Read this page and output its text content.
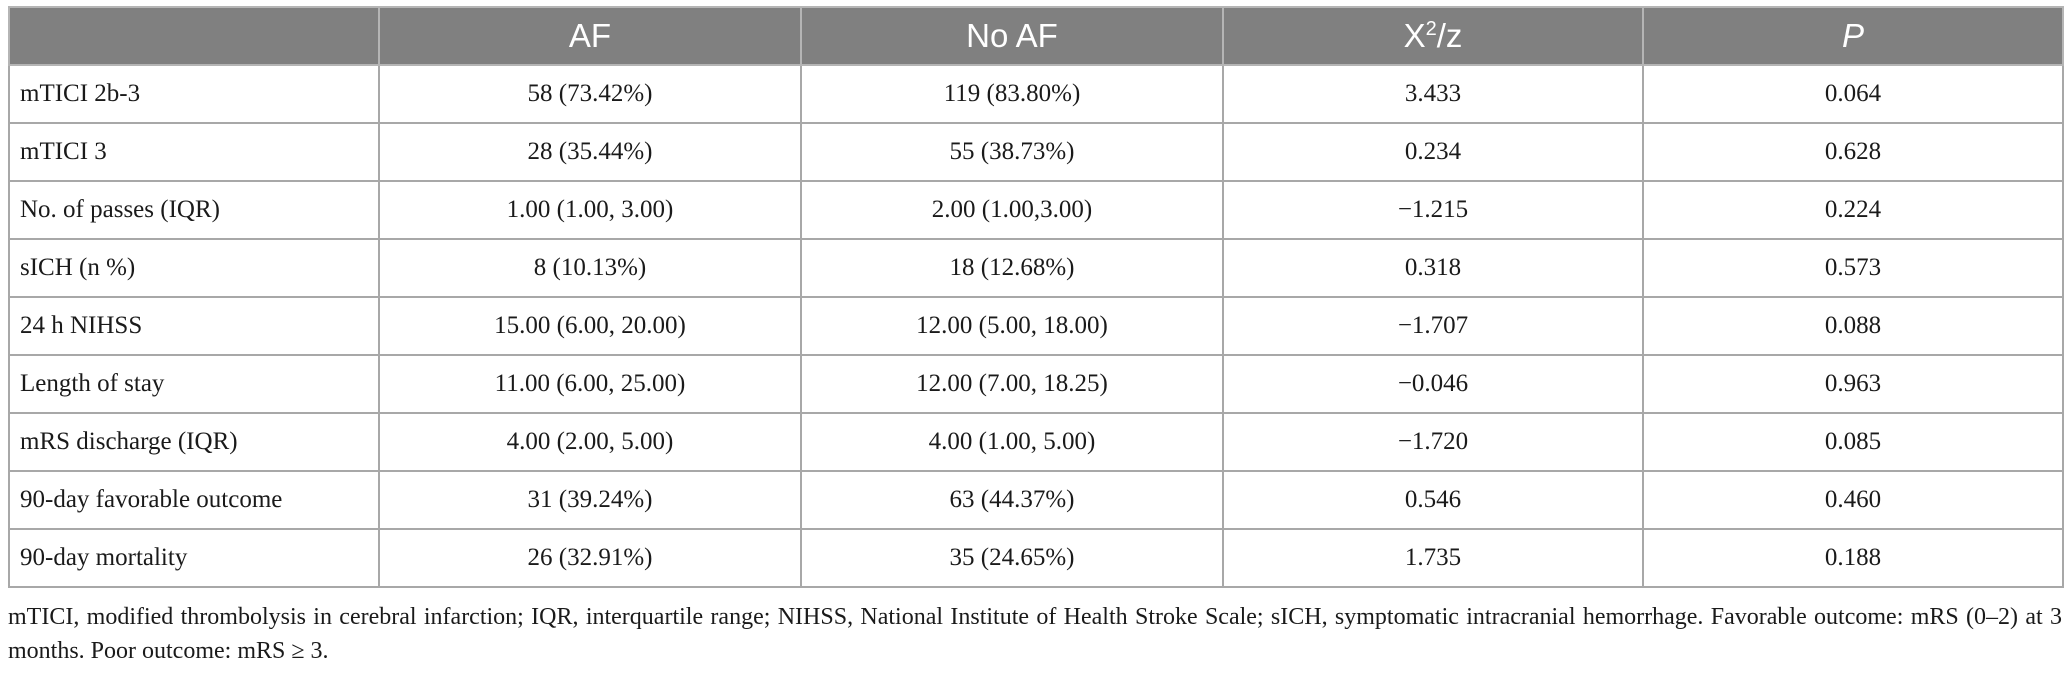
	AF	No AF	$X^2/z$	P
mTICI 2b-3	58 (73.42%)	119 (83.80%)	3.433	0.064
mTICI 3	28 (35.44%)	55 (38.73%)	0.234	0.628
No. of passes (IQR)	1.00 (1.00, 3.00)	2.00 (1.00,3.00)	−1.215	0.224
sICH (n %)	8 (10.13%)	18 (12.68%)	0.318	0.573
24 h NIHSS	15.00 (6.00, 20.00)	12.00 (5.00, 18.00)	−1.707	0.088
Length of stay	11.00 (6.00, 25.00)	12.00 (7.00, 18.25)	−0.046	0.963
mRS discharge (IQR)	4.00 (2.00, 5.00)	4.00 (1.00, 5.00)	−1.720	0.085
90-day favorable outcome	31 (39.24%)	63 (44.37%)	0.546	0.460
90-day mortality	26 (32.91%)	35 (24.65%)	1.735	0.188
mTICI, modified thrombolysis in cerebral infarction; IQR, interquartile range; NIHSS, National Institute of Health Stroke Scale; sICH, symptomatic intracranial hemorrhage. Favorable outcome: mRS (0–2) at 3 months. Poor outcome: mRS ≥ 3.
